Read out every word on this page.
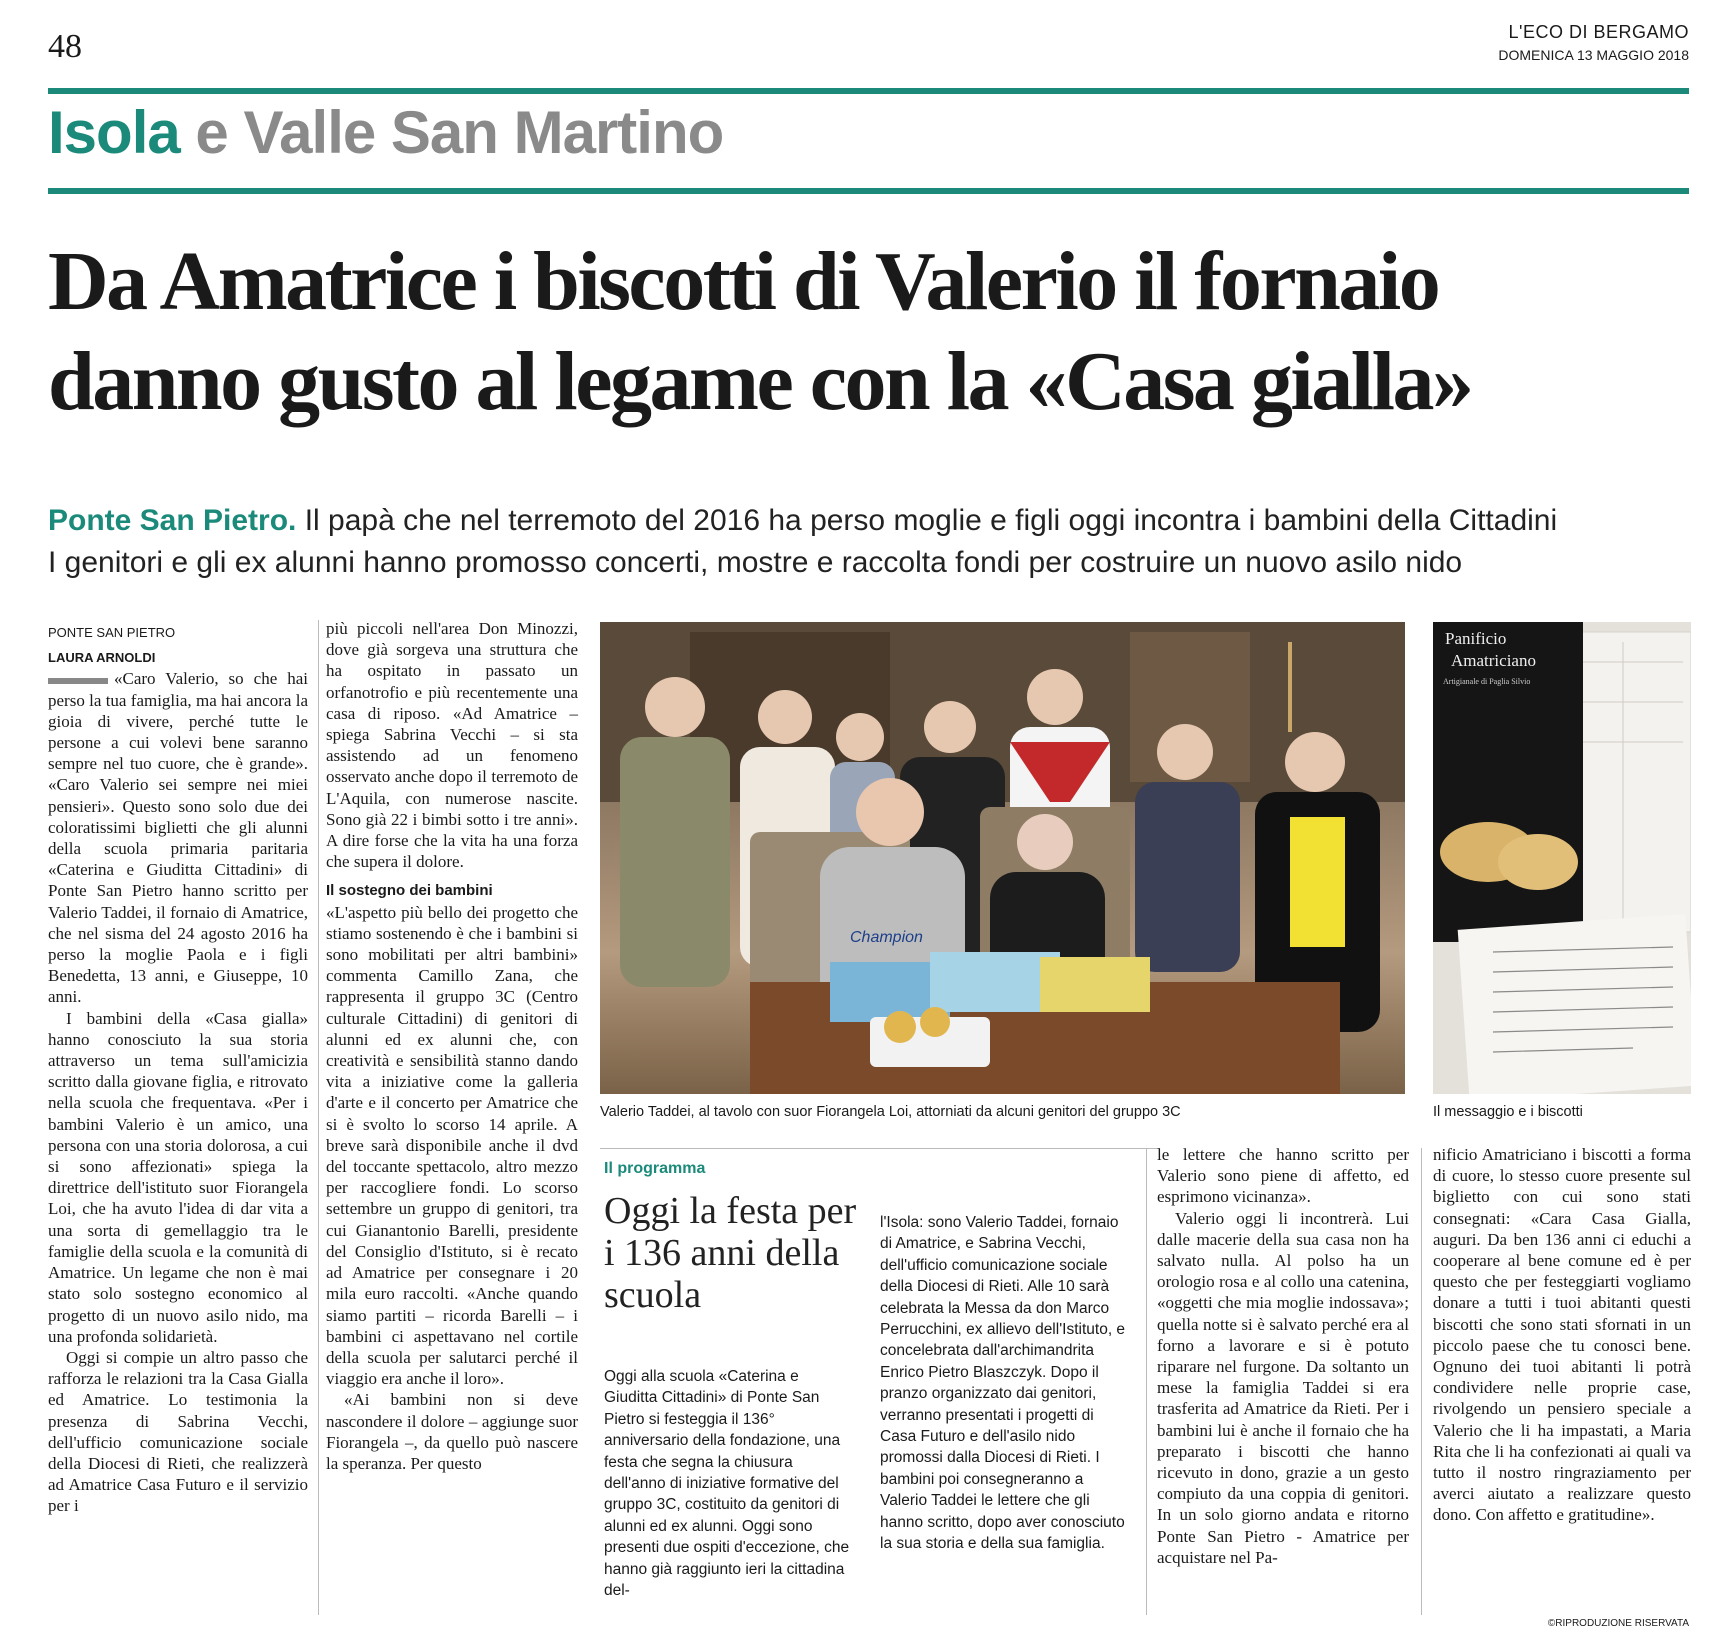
48	L'ECO DI BERGAMO
DOMENICA 13 MAGGIO 2018
Isola e Valle San Martino
Da Amatrice i biscotti di Valerio il fornaio
danno gusto al legame con la «Casa gialla»
Ponte San Pietro. Il papà che nel terremoto del 2016 ha perso moglie e figli oggi incontra i bambini della Cittadini
I genitori e gli ex alunni hanno promosso concerti, mostre e raccolta fondi per costruire un nuovo asilo nido
PONTE SAN PIETRO
LAURA ARNOLDI

«Caro Valerio, so che hai perso la tua famiglia, ma hai ancora la gioia di vivere, perché tutte le persone a cui volevi bene saranno sempre nel tuo cuore, che è grande». «Caro Valerio sei sempre nei miei pensieri». Questo sono solo due dei coloratissimi biglietti che gli alunni della scuola primaria paritaria «Caterina e Giuditta Cittadini» di Ponte San Pietro hanno scritto per Valerio Taddei, il fornaio di Amatrice, che nel sisma del 24 agosto 2016 ha perso la moglie Paola e i figli Benedetta, 13 anni, e Giuseppe, 10 anni.

I bambini della «Casa gialla» hanno conosciuto la sua storia attraverso un tema sull'amicizia scritto dalla giovane figlia, e ritrovato nella scuola che frequentava. «Per i bambini Valerio è un amico, una persona con una storia dolorosa, a cui si sono affezionati» spiega la direttrice dell'istituto suor Fiorangela Loi, che ha avuto l'idea di dar vita a una sorta di gemellaggio tra le famiglie della scuola e la comunità di Amatrice. Un legame che non è mai stato solo sostegno economico al progetto di un nuovo asilo nido, ma una profonda solidarietà.

Oggi si compie un altro passo che rafforza le relazioni tra la Casa Gialla ed Amatrice. Lo testimonia la presenza di Sabrina Vecchi, dell'ufficio comunicazione sociale della Diocesi di Rieti, che realizzerà ad Amatrice Casa Futuro e il servizio per i

più piccoli nell'area Don Minozzi, dove già sorgeva una struttura che ha ospitato in passato un orfanotrofio e più recentemente una casa di riposo. «Ad Amatrice – spiega Sabrina Vecchi – si sta assistendo ad un fenomeno osservato anche dopo il terremoto de L'Aquila, con numerose nascite. Sono già 22 i bimbi sotto i tre anni». A dire forse che la vita ha una forza che supera il dolore.

Il sostegno dei bambini

«L'aspetto più bello dei progetto che stiamo sostenendo è che i bambini si sono mobilitati per altri bambini» commenta Camillo Zana, che rappresenta il gruppo 3C (Centro culturale Cittadini) di genitori di alunni ed ex alunni che, con creatività e sensibilità stanno dando vita a iniziative come la galleria d'arte e il concerto per Amatrice che si è svolto lo scorso 14 aprile. A breve sarà disponibile anche il dvd del toccante spettacolo, altro mezzo per raccogliere fondi. Lo scorso settembre un gruppo di genitori, tra cui Gianantonio Barelli, presidente del Consiglio d'Istituto, si è recato ad Amatrice per consegnare i 20 mila euro raccolti. «Anche quando siamo partiti – ricorda Barelli – i bambini ci aspettavano nel cortile della scuola per salutarci perché il viaggio era anche il loro».

«Ai bambini non si deve nascondere il dolore – aggiunge suor Fiorangela –, da quello può nascere la speranza. Per questo

Champion
Valerio Taddei, al tavolo con suor Fiorangela Loi, attorniati da alcuni genitori del gruppo 3C
Panificio
Amatriciano
Artigianale di Paglia Silvio
Il messaggio e i biscotti
Il programma
Oggi la festa per i 136 anni della scuola

Oggi alla scuola «Caterina e Giuditta Cittadini» di Ponte San Pietro si festeggia il 136° anniversario della fondazione, una festa che segna la chiusura dell'anno di iniziative formative del gruppo 3C, costituito da genitori di alunni ed ex alunni. Oggi sono presenti due ospiti d'eccezione, che hanno già raggiunto ieri la cittadina del-

l'Isola: sono Valerio Taddei, fornaio di Amatrice, e Sabrina Vecchi, dell'ufficio comunicazione sociale della Diocesi di Rieti. Alle 10 sarà celebrata la Messa da don Marco Perrucchini, ex allievo dell'Istituto, e concelebrata dall'archimandrita Enrico Pietro Blaszczyk. Dopo il pranzo organizzato dai genitori, verranno presentati i progetti di Casa Futuro e dell'asilo nido promossi dalla Diocesi di Rieti. I bambini poi consegneranno a Valerio Taddei le lettere che gli hanno scritto, dopo aver conosciuto la sua storia e della sua famiglia.

le lettere che hanno scritto per Valerio sono piene di affetto, ed esprimono vicinanza».

Valerio oggi li incontrerà. Lui dalle macerie della sua casa non ha salvato nulla. Al polso ha un orologio rosa e al collo una catenina, «oggetti che mia moglie indossava»; quella notte si è salvato perché era al forno a lavorare e si è potuto riparare nel furgone. Da soltanto un mese la famiglia Taddei si era trasferita ad Amatrice da Rieti. Per i bambini lui è anche il fornaio che ha preparato i biscotti che hanno ricevuto in dono, grazie a un gesto compiuto da una coppia di genitori. In un solo giorno andata e ritorno Ponte San Pietro - Amatrice per acquistare nel Pa-

nificio Amatriciano i biscotti a forma di cuore, lo stesso cuore presente sul biglietto con cui sono stati consegnati: «Cara Casa Gialla, auguri. Da ben 136 anni ci educhi a cooperare al bene comune ed è per questo che per festeggiarti vogliamo donare a tutti i tuoi abitanti questi biscotti che sono stati sfornati in un piccolo paese che tu conosci bene. Ognuno dei tuoi abitanti li potrà condividere nelle proprie case, rivolgendo un pensiero speciale a Valerio che li ha impastati, a Maria Rita che li ha confezionati ai quali va tutto il nostro ringraziamento per averci aiutato a realizzare questo dono. Con affetto e gratitudine».

©RIPRODUZIONE RISERVATA
